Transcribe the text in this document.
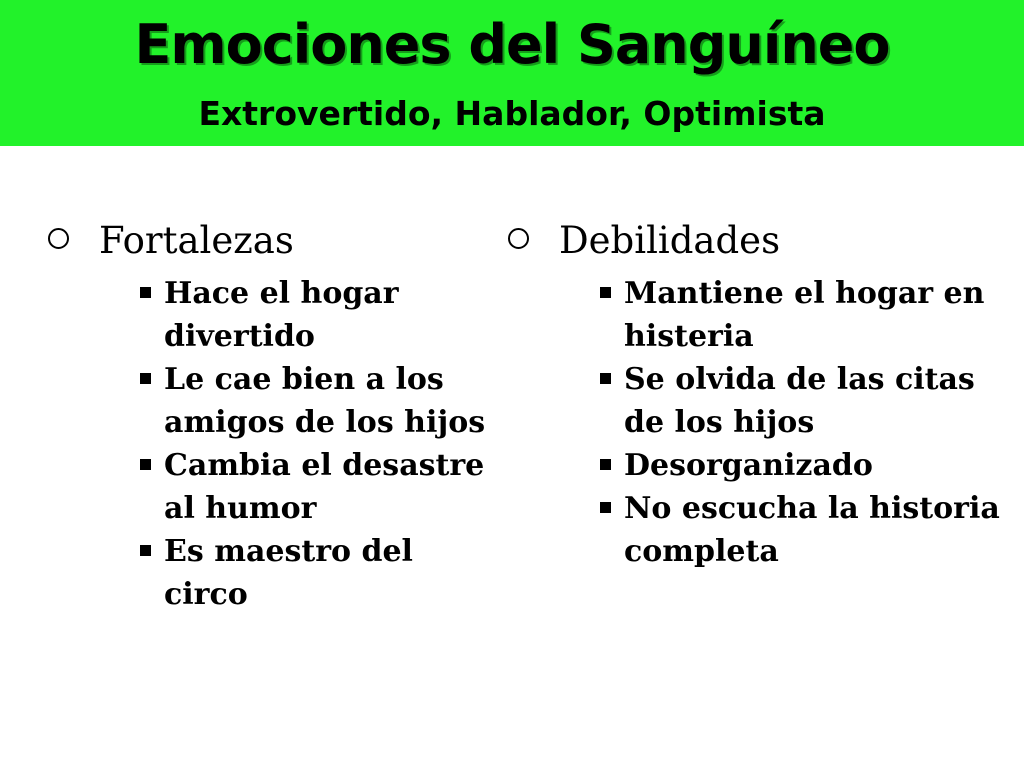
Emociones del Sanguíneo
Extrovertido, Hablador, Optimista
Fortalezas
Hace el hogar divertido
Le cae bien a los amigos de los hijos
Cambia el desastre al humor
Es maestro del circo
Debilidades
Mantiene el hogar en histeria
Se olvida de las citas de los hijos
Desorganizado
No escucha la historia completa
